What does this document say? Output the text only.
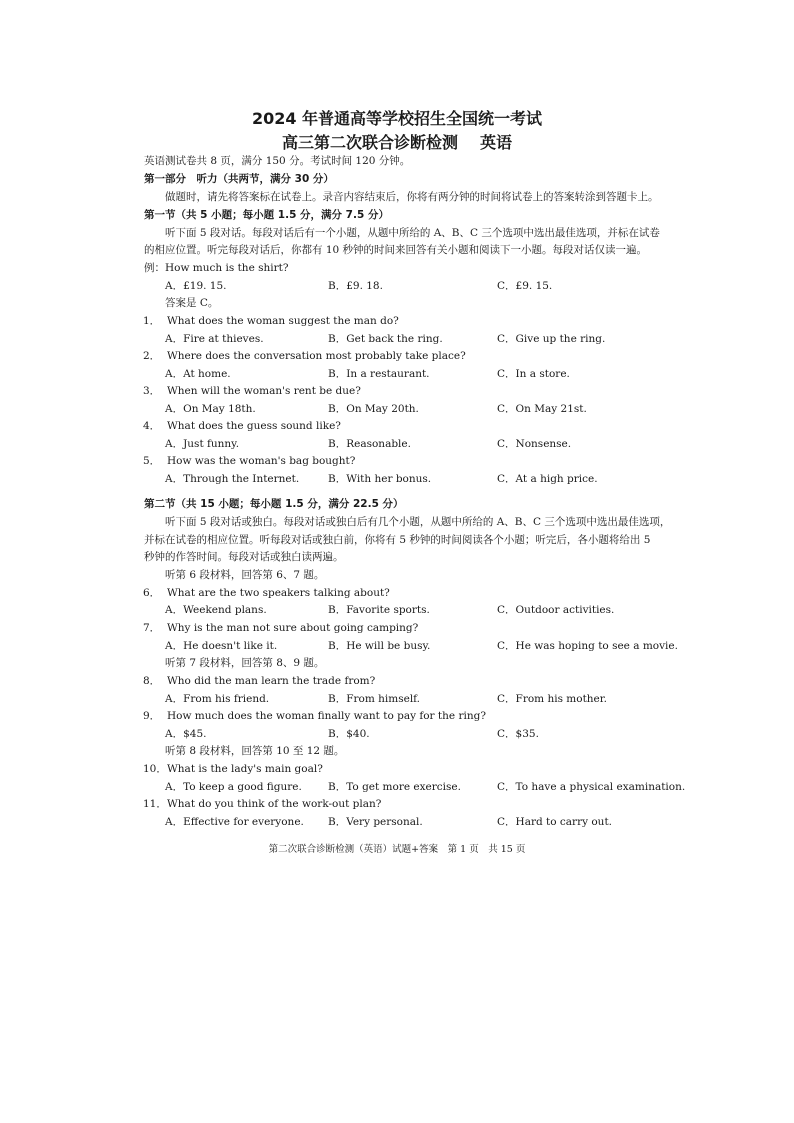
2024 年普通高等学校招生全国统一考试
高三第二次联合诊断检测 英语
英语测试卷共 8 页，满分 150 分。考试时间 120 分钟。
第一部分　听力（共两节，满分 30 分）
做题时，请先将答案标在试卷上。录音内容结束后，你将有两分钟的时间将试卷上的答案转涂到答题卡上。
第一节（共 5 小题；每小题 1.5 分，满分 7.5 分）
听下面 5 段对话。每段对话后有一个小题，从题中所给的 A、B、C 三个选项中选出最佳选项，并标在试卷
的相应位置。听完每段对话后，你都有 10 秒钟的时间来回答有关小题和阅读下一小题。每段对话仅读一遍。
例：How much is the shirt?
A．£19. 15.	B．£9. 18.	C．£9. 15.
答案是 C。
1． What does the woman suggest the man do?
A．Fire at thieves.	B．Get back the ring.	C．Give up the ring.
2． Where does the conversation most probably take place?
A．At home.	B．In a restaurant.	C．In a store.
3． When will the woman's rent be due?
A．On May 18th.	B．On May 20th.	C．On May 21st.
4． What does the guess sound like?
A．Just funny.	B．Reasonable.	C．Nonsense.
5． How was the woman's bag bought?
A．Through the Internet.	B．With her bonus.	C．At a high price.
第二节（共 15 小题；每小题 1.5 分，满分 22.5 分）
听下面 5 段对话或独白。每段对话或独白后有几个小题，从题中所给的 A、B、C 三个选项中选出最佳选项，
并标在试卷的相应位置。听每段对话或独白前，你将有 5 秒钟的时间阅读各个小题；听完后，各小题将给出 5
秒钟的作答时间。每段对话或独白读两遍。
听第 6 段材料，回答第 6、7 题。
6． What are the two speakers talking about?
A．Weekend plans.	B．Favorite sports.	C．Outdoor activities.
7． Why is the man not sure about going camping?
A．He doesn't like it.	B．He will be busy.	C．He was hoping to see a movie.
听第 7 段材料，回答第 8、9 题。
8． Who did the man learn the trade from?
A．From his friend.	B．From himself.	C．From his mother.
9． How much does the woman finally want to pay for the ring?
A．$45.	B．$40.	C．$35.
听第 8 段材料，回答第 10 至 12 题。
10．What is the lady's main goal?
A．To keep a good figure. B．To get more exercise.	C．To have a physical examination.
11．What do you think of the work-out plan?
A．Effective for everyone. B．Very personal.	C．Hard to carry out.
第二次联合诊断检测（英语）试题+答案　第 1 页　共 15 页
